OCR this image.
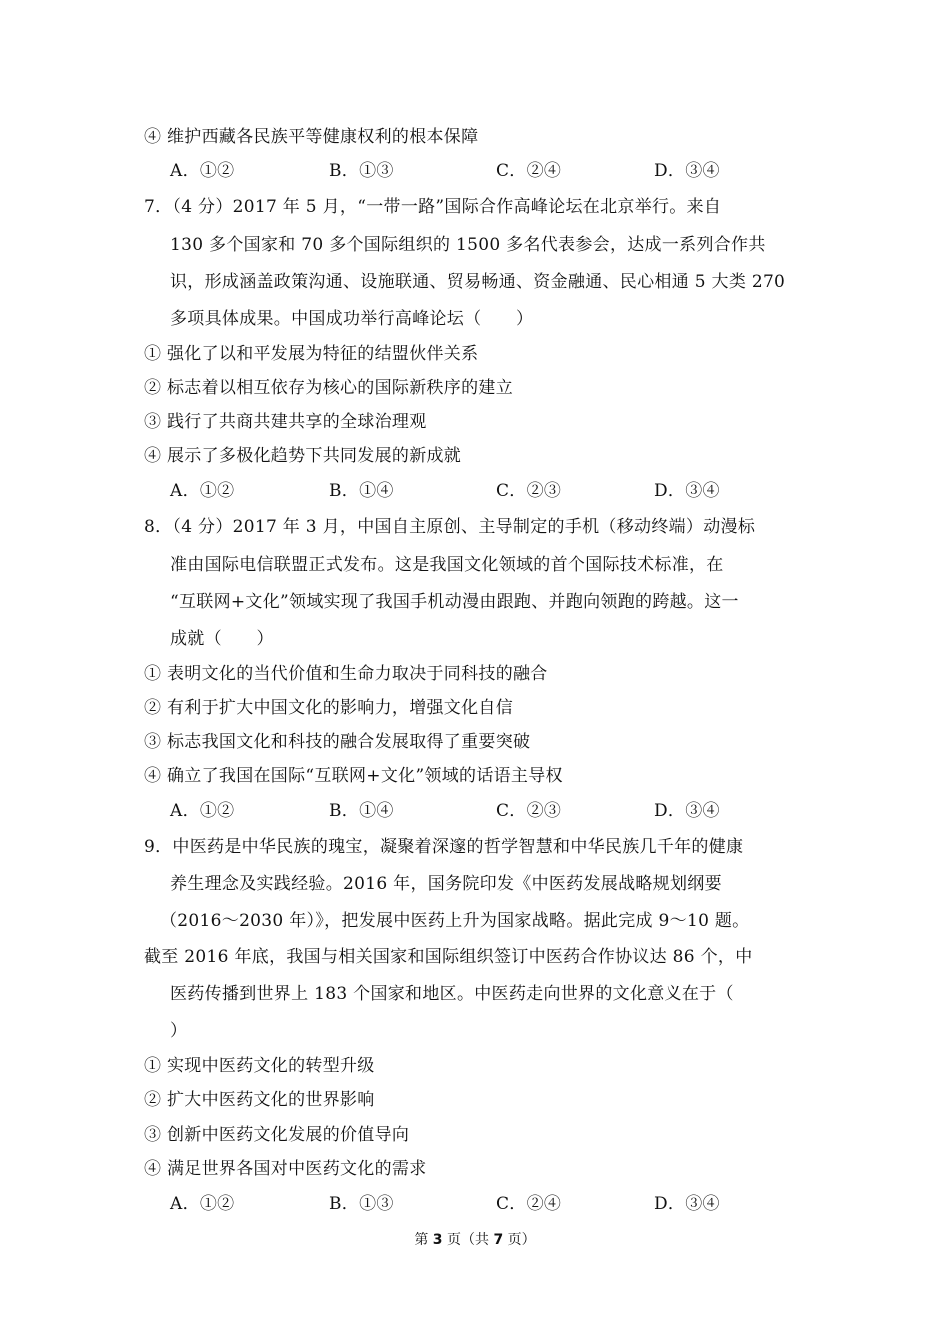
④ 维护西藏各民族平等健康权利的根本保障
A．①②	B．①③	C．②④	D．③④
7．（4 分）2017 年 5 月，“一带一路”国际合作高峰论坛在北京举行。来自
130 多个国家和 70 多个国际组织的 1500 多名代表参会，达成一系列合作共
识，形成涵盖政策沟通、设施联通、贸易畅通、资金融通、民心相通 5 大类 270
多项具体成果。中国成功举行高峰论坛（　　）
① 强化了以和平发展为特征的结盟伙伴关系
② 标志着以相互依存为核心的国际新秩序的建立
③ 践行了共商共建共享的全球治理观
④ 展示了多极化趋势下共同发展的新成就
A．①②	B．①④	C．②③	D．③④
8．（4 分）2017 年 3 月，中国自主原创、主导制定的手机（移动终端）动漫标
准由国际电信联盟正式发布。这是我国文化领域的首个国际技术标准，在
“互联网+文化”领域实现了我国手机动漫由跟跑、并跑向领跑的跨越。这一
成就（　　）
① 表明文化的当代价值和生命力取决于同科技的融合
② 有利于扩大中国文化的影响力，增强文化自信
③ 标志我国文化和科技的融合发展取得了重要突破
④ 确立了我国在国际“互联网+文化”领域的话语主导权
A．①②	B．①④	C．②③	D．③④
9．中医药是中华民族的瑰宝，凝聚着深邃的哲学智慧和中华民族几千年的健康
养生理念及实践经验。2016 年，国务院印发《中医药发展战略规划纲要
（2016～2030 年）》，把发展中医药上升为国家战略。据此完成 9～10 题。
截至 2016 年底，我国与相关国家和国际组织签订中医药合作协议达 86 个，中
医药传播到世界上 183 个国家和地区。中医药走向世界的文化意义在于（
）
① 实现中医药文化的转型升级
② 扩大中医药文化的世界影响
③ 创新中医药文化发展的价值导向
④ 满足世界各国对中医药文化的需求
A．①②	B．①③	C．②④	D．③④
第 3 页（共 7 页）
